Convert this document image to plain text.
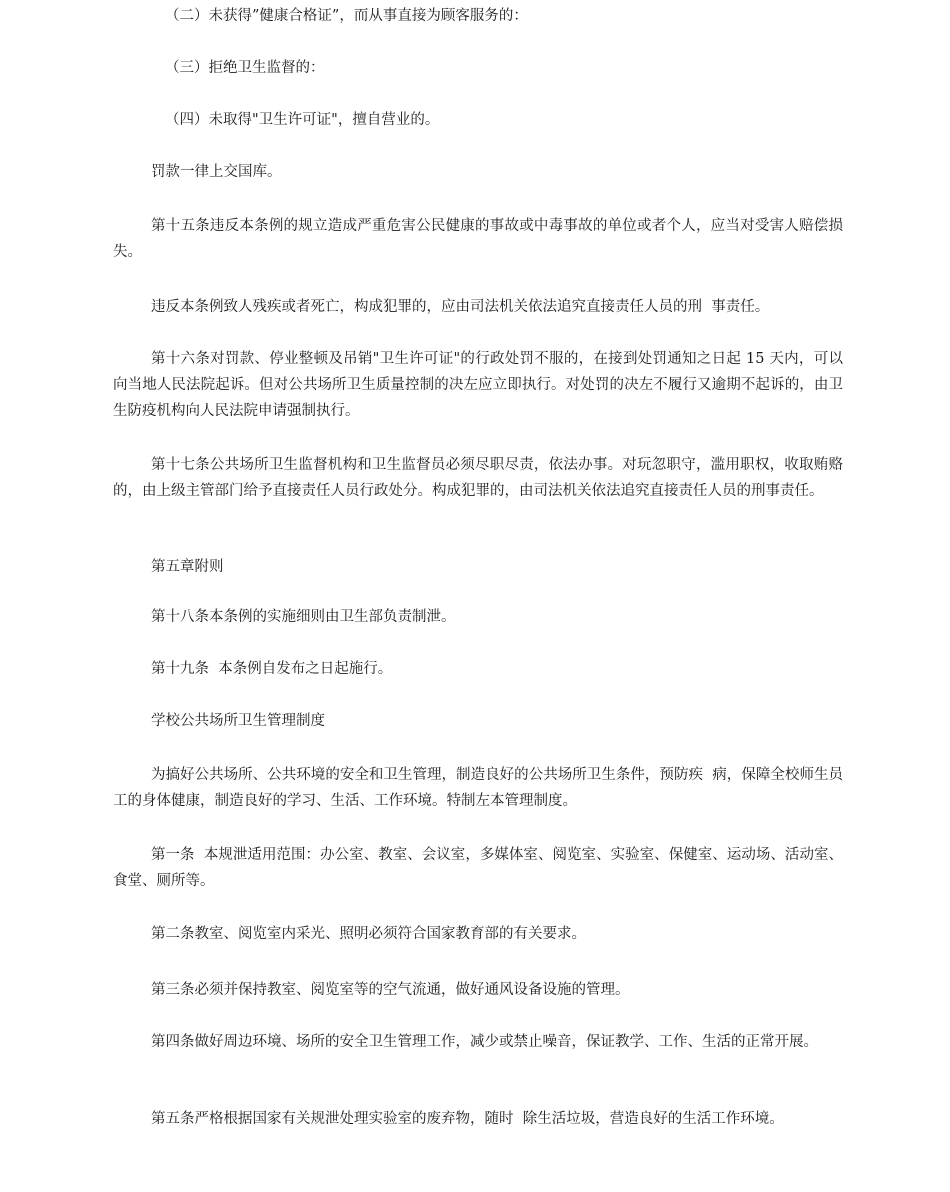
（二）未获得”健康合格证”，而从事直接为顾客服务的：

（三）拒绝卫生监督的：

（四）未取得"卫生许可证"，擅自营业的。

罚款一律上交国库。

第十五条违反本条例的规立造成严重危害公民健康的事故或中毒事故的单位或者个人，应当对受害人赔偿损失。

违反本条例致人残疾或者死亡，构成犯罪的，应由司法机关依法追究直接责任人员的刑  事责任。

第十六条对罚款、停业整顿及吊销"卫生许可证"的行政处罚不服的，在接到处罚通知之日起 15 天内，可以向当地人民法院起诉。但对公共场所卫生质量控制的决左应立即执行。对处罚的决左不履行又逾期不起诉的，由卫生防疫机构向人民法院申请强制执行。

第十七条公共场所卫生监督机构和卫生监督员必须尽职尽责，依法办事。对玩忽职守，滥用职权，收取贿赂的，由上级主管部门给予直接责任人员行政处分。构成犯罪的，由司法机关依法追究直接责任人员的刑事责任。

第五章附则

第十八条本条例的实施细则由卫生部负责制泄。

第十九条  本条例自发布之日起施行。

学校公共场所卫生管理制度

为搞好公共场所、公共环境的安全和卫生管理，制造良好的公共场所卫生条件，预防疾  病，保障全校师生员工的身体健康，制造良好的学习、生活、工作环境。特制左本管理制度。

第一条  本规泄适用范围：办公室、教室、会议室，多媒体室、阅览室、实验室、保健室、运动场、活动室、食堂、厕所等。

第二条教室、阅览室内采光、照明必须符合国家教育部的有关要求。

第三条必须并保持教室、阅览室等的空气流通，做好通风设备设施的管理。

第四条做好周边环境、场所的安全卫生管理工作，减少或禁止噪音，保证教学、工作、生活的正常开展。

第五条严格根据国家有关规泄处理实验室的废弃物，随时  除生活垃圾，营造良好的生活工作环境。
